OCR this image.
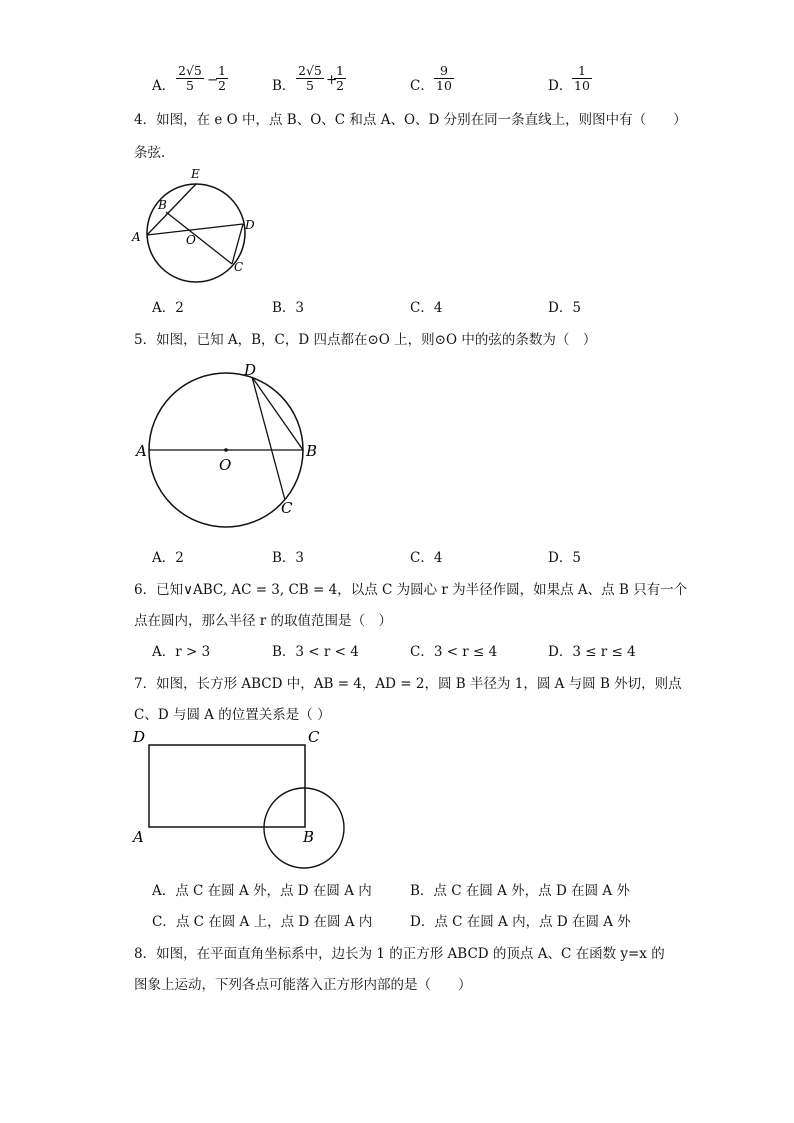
A． $\frac{2√5}{5}$ −
$\frac{1}{2}$	B． $\frac{2√5}{5}$ +
$\frac{1}{2}$	C． $\frac{9}{10}$	D． $\frac{1}{10}$
4．如图，在 e O 中，点 B、O、C 和点 A、O、D 分别在同一条直线上，则图中有（　　）
条弦．
E
B
A	O
D
C
A．2	B．3	C．4	D．5
5．如图，已知 A，B，C，D 四点都在⊙O 上，则⊙O 中的弦的条数为（　）
D
A
O
B
C
A．2	B．3	C．4	D．5
6．已知∨ABC, AC = 3, CB = 4，以点 C 为圆心 r 为半径作圆，如果点 A、点 B 只有一个
点在圆内，那么半径 r 的取值范围是（　）
A．r > 3	B．3 < r < 4	C．3 < r ≤ 4	D．3 ≤ r ≤ 4
7．如图，长方形 ABCD 中，AB = 4，AD = 2，圆 B 半径为 1，圆 A 与圆 B 外切，则点
C、D 与圆 A 的位置关系是（ ）
D	C
A	B
A．点 C 在圆 A 外，点 D 在圆 A 内	B．点 C 在圆 A 外，点 D 在圆 A 外
C．点 C 在圆 A 上，点 D 在圆 A 内	D．点 C 在圆 A 内，点 D 在圆 A 外
8．如图，在平面直角坐标系中，边长为 1 的正方形 ABCD 的顶点 A、C 在函数 y=x 的
图象上运动，下列各点可能落入正方形内部的是（　　）
